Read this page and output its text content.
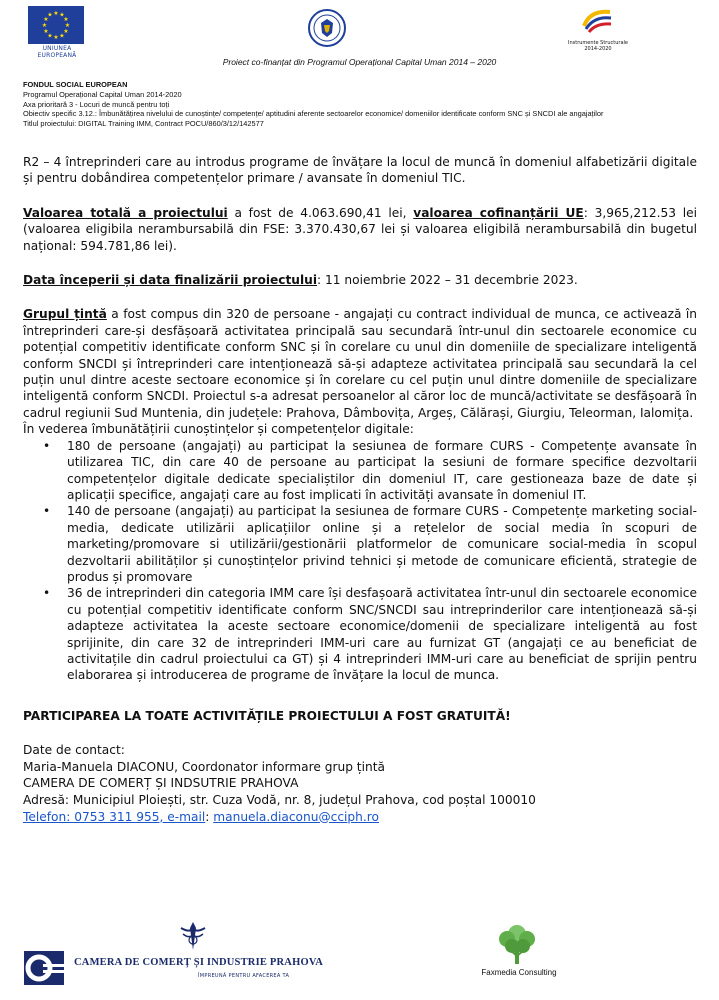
★ ★
★
★
★
★
★
★
★
★
★
★
UNIUNEA EUROPEANĂ
Instrumente Structurale 2014-2020
Proiect co-finanțat din Programul Operațional Capital Uman 2014 – 2020
FONDUL SOCIAL EUROPEAN
Programul Operațional Capital Uman 2014-2020
Axa prioritară 3 - Locuri de muncă pentru toți
Obiectiv specific 3.12.: Îmbunătățirea nivelului de cunoștințe/ competențe/ aptitudini aferente sectoarelor economice/ domeniilor identificate conform SNC și SNCDI ale angajaților
Titlul proiectului: DIGITAL Training IMM, Contract POCU/860/3/12/142577

R2 – 4 întreprinderi care au introdus programe de învățare la locul de muncă în domeniul alfabetizării digitale și pentru dobândirea competențelor primare / avansate în domeniul TIC.

Valoarea totală a proiectului a fost de 4.063.690,41 lei, valoarea cofinanțării UE: 3,965,212.53 lei (valoarea eligibila nerambursabilă din FSE: 3.370.430,67 lei și valoarea eligibilă nerambursabilă din bugetul național: 594.781,86 lei).

Data începerii și data finalizării proiectului: 11 noiembrie 2022 – 31 decembrie 2023.

Grupul țintă a fost compus din 320 de persoane - angajați cu contract individual de munca, ce activează în întreprinderi care-și desfășoară activitatea principală sau secundară într-unul din sectoarele economice cu potențial competitiv identificate conform SNC și în corelare cu unul din domeniile de specializare inteligentă conform SNCDI și întreprinderi care intenționează să-și adapteze activitatea principală sau secundară la cel puțin unul dintre aceste sectoare economice și în corelare cu cel puțin unul dintre domeniile de specializare inteligentă conform SNCDI. Proiectul s-a adresat persoanelor al căror loc de muncă/activitate se desfășoară în cadrul regiunii Sud Muntenia, din județele: Prahova, Dâmbovița, Argeș, Călărași, Giurgiu, Teleorman, Ialomița.

În vederea îmbunătățirii cunoștințelor și competențelor digitale:

• 180 de persoane (angajați) au participat la sesiunea de formare CURS - Competențe avansate în utilizarea TIC, din care 40 de persoane au participat la sesiuni de formare specifice dezvoltarii competențelor digitale dedicate specialiștilor din domeniul IT, care gestioneaza baze de date și aplicații specifice, angajați care au fost implicati în activități avansate în domeniul IT.
• 140 de persoane (angajați) au participat la sesiunea de formare CURS - Competențe marketing social-media, dedicate utilizării aplicațiilor online și a rețelelor de social media în scopuri de marketing/promovare si utilizării/gestionării platformelor de comunicare social-media în scopul dezvoltarii abilităților și cunoștințelor privind tehnici și metode de comunicare eficientă, strategie de produs și promovare
• 36 de intreprinderi din categoria IMM care își desfașoară activitatea într-unul din sectoarele economice cu potențial competitiv identificate conform SNC/SNCDI sau intreprinderilor care intenționează să-și adapteze activitatea la aceste sectoare economice/domenii de specializare inteligentă au fost sprijinite, din care 32 de intreprinderi IMM-uri care au furnizat GT (angajați ce au beneficiat de activitațile din cadrul proiectului ca GT) și 4 intreprinderi IMM-uri care au beneficiat de sprijin pentru elaborarea și introducerea de programe de învățare la locul de munca.

PARTICIPAREA LA TOATE ACTIVITĂȚILE PROIECTULUI A FOST GRATUITĂ!

Date de contact:
Maria-Manuela DIACONU, Coordonator informare grup țintă
CAMERA DE COMERȚ ȘI INDSUTRIE PRAHOVA
Adresă: Municipiul Ploiești, str. Cuza Vodă, nr. 8, județul Prahova, cod poștal 100010
Telefon: 0753 311 955, e-mail: manuela.diaconu@cciph.ro
CAMERA DE COMERȚ ȘI INDUSTRIE PRAHOVA
ÎMPREUNĂ PENTRU AFACEREA TA	Faxmedia Consulting
